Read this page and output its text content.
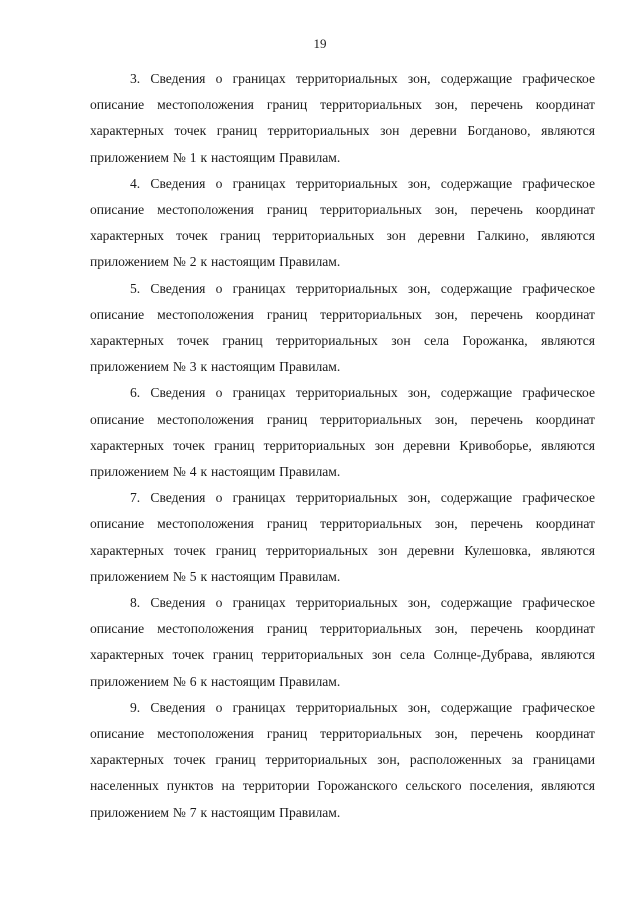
19

3. Сведения о границах территориальных зон, содержащие графическое описание местоположения границ территориальных зон, перечень координат характерных точек границ территориальных зон деревни Богданово, являются приложением № 1 к настоящим Правилам.

4. Сведения о границах территориальных зон, содержащие графическое описание местоположения границ территориальных зон, перечень координат характерных точек границ территориальных зон деревни Галкино, являются приложением № 2 к настоящим Правилам.

5. Сведения о границах территориальных зон, содержащие графическое описание местоположения границ территориальных зон, перечень координат характерных точек границ территориальных зон села Горожанка, являются приложением № 3 к настоящим Правилам.

6. Сведения о границах территориальных зон, содержащие графическое описание местоположения границ территориальных зон, перечень координат характерных точек границ территориальных зон деревни Кривоборье, являются приложением № 4 к настоящим Правилам.

7. Сведения о границах территориальных зон, содержащие графическое описание местоположения границ территориальных зон, перечень координат характерных точек границ территориальных зон деревни Кулешовка, являются приложением № 5 к настоящим Правилам.

8. Сведения о границах территориальных зон, содержащие графическое описание местоположения границ территориальных зон, перечень координат характерных точек границ территориальных зон села Солнце-Дубрава, являются приложением № 6 к настоящим Правилам.

9. Сведения о границах территориальных зон, содержащие графическое описание местоположения границ территориальных зон, перечень координат характерных точек границ территориальных зон, расположенных за границами населенных пунктов на территории Горожанского сельского поселения, являются приложением № 7 к настоящим Правилам.
